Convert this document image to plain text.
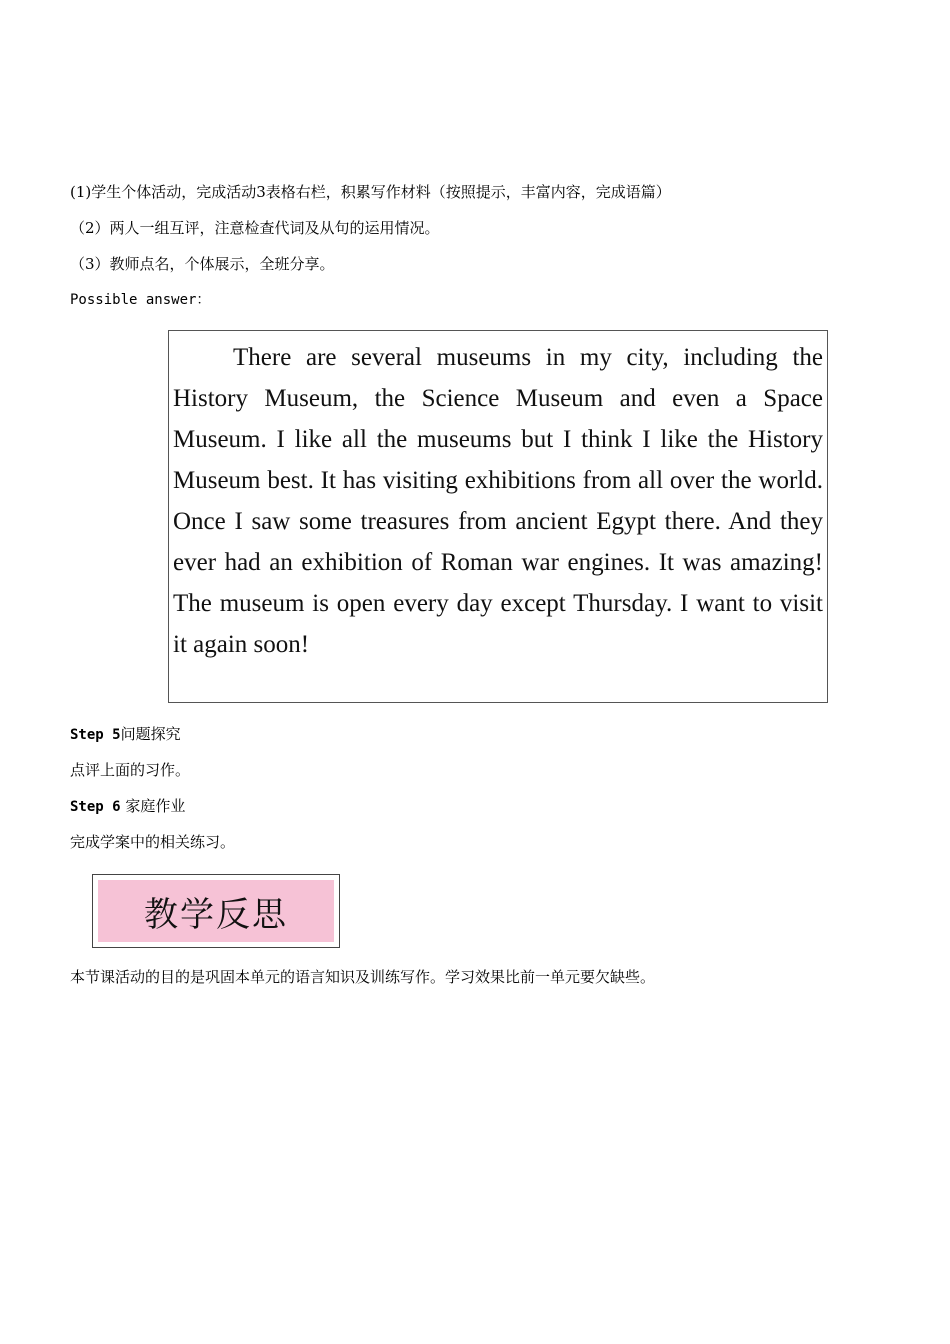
(1)学生个体活动，完成活动3表格右栏，积累写作材料（按照提示，丰富内容，完成语篇）
（2）两人一组互评，注意检查代词及从句的运用情况。
（3）教师点名，个体展示，全班分享。
Possible answer：

There are several museums in my city, including the History Museum, the Science Museum and even a Space Museum. I like all the museums but I think I like the History Museum best. It has visiting exhibitions from all over the world. Once I saw some treasures from ancient Egypt there. And they ever had an exhibition of Roman war engines. It was amazing! The museum is open every day except Thursday. I want to visit it again soon!

Step 5问题探究
点评上面的习作。
Step 6 家庭作业
完成学案中的相关练习。
教学反思
本节课活动的目的是巩固本单元的语言知识及训练写作。学习效果比前一单元要欠缺些。
